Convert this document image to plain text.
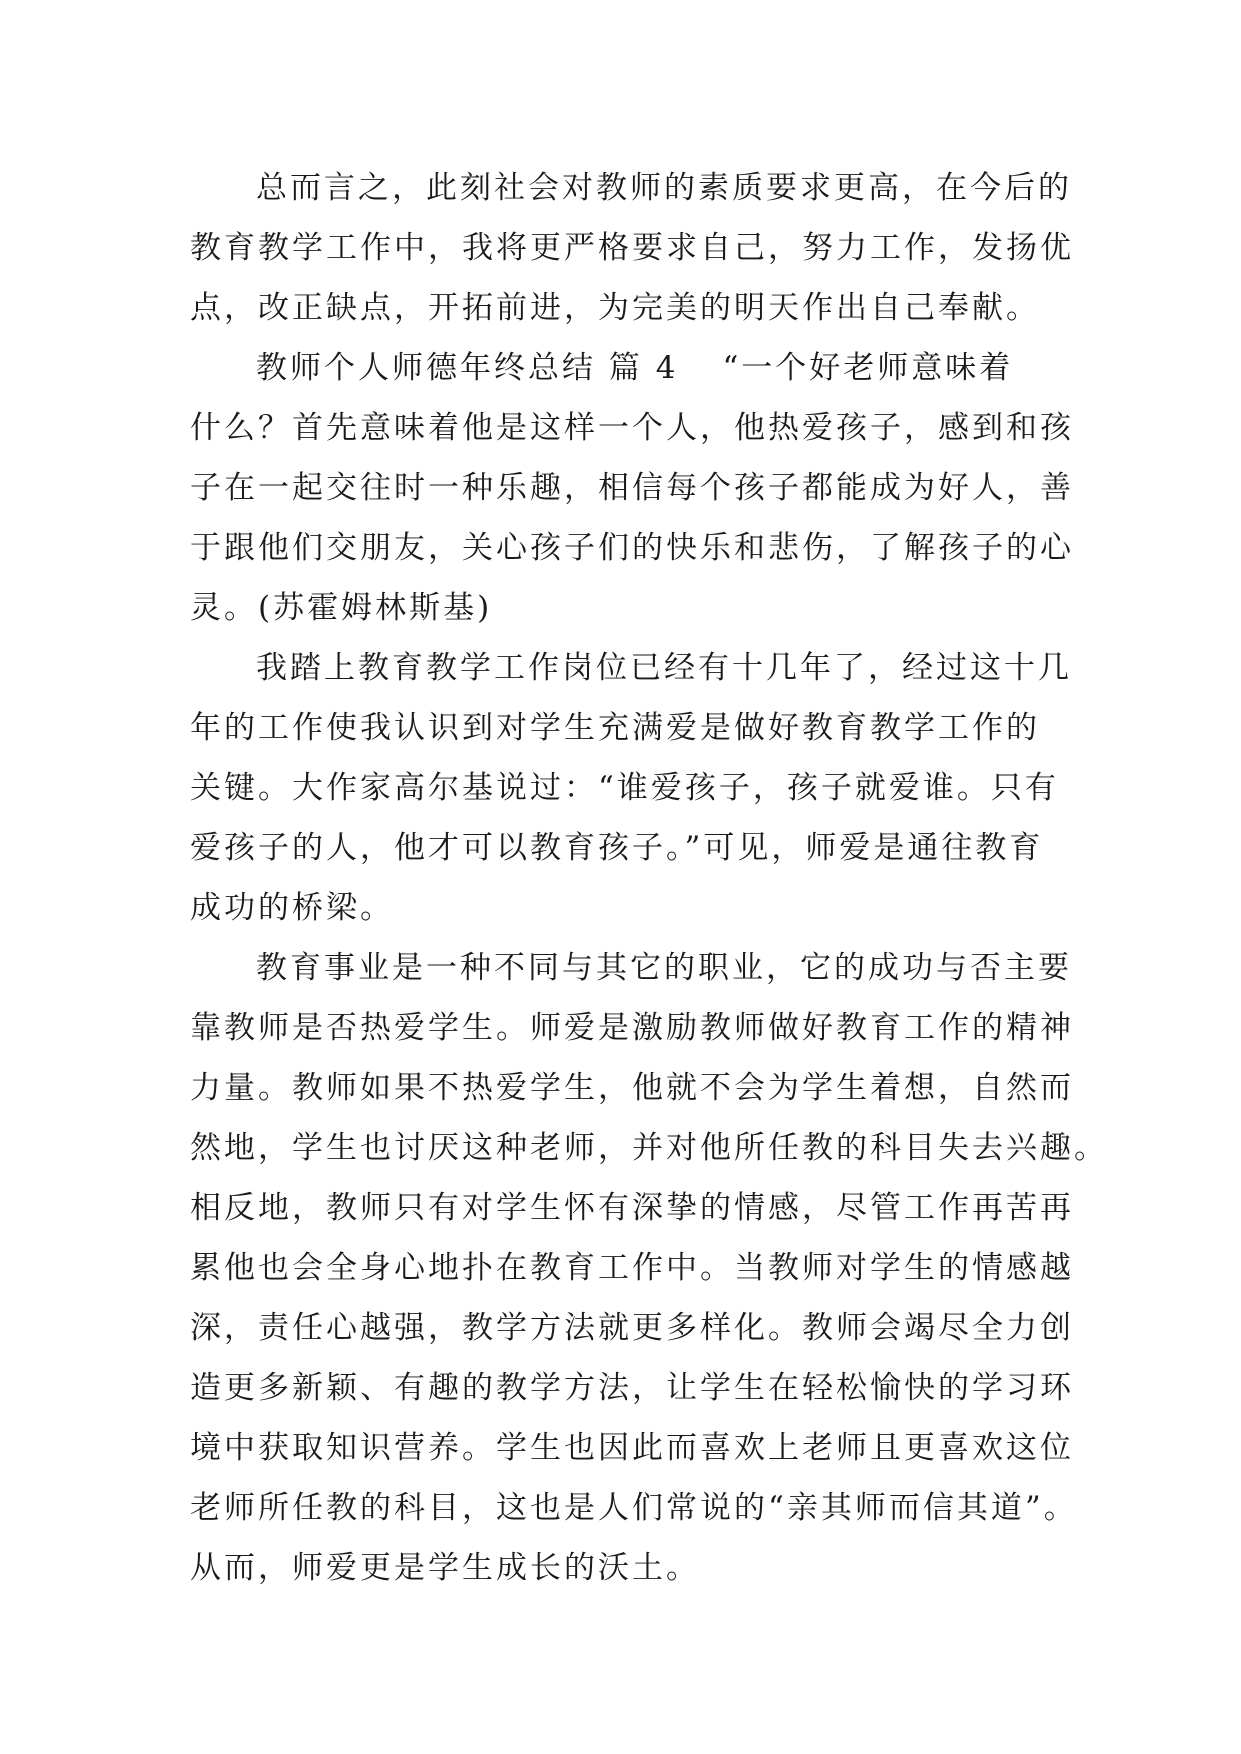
总而言之，此刻社会对教师的素质要求更高，在今后的
教育教学工作中，我将更严格要求自己，努力工作，发扬优
点，改正缺点，开拓前进，为完美的明天作出自己奉献。
教师个人师德年终总结 篇 4 “一个好老师意味着
什么？首先意味着他是这样一个人，他热爱孩子，感到和孩
子在一起交往时一种乐趣，相信每个孩子都能成为好人，善
于跟他们交朋友，关心孩子们的快乐和悲伤，了解孩子的心
灵。(苏霍姆林斯基)
我踏上教育教学工作岗位已经有十几年了，经过这十几
年的工作使我认识到对学生充满爱是做好教育教学工作的
关键。大作家高尔基说过：“谁爱孩子，孩子就爱谁。只有
爱孩子的人，他才可以教育孩子。”可见，师爱是通往教育
成功的桥梁。
教育事业是一种不同与其它的职业，它的成功与否主要
靠教师是否热爱学生。师爱是激励教师做好教育工作的精神
力量。教师如果不热爱学生，他就不会为学生着想，自然而
然地，学生也讨厌这种老师，并对他所任教的科目失去兴趣。
相反地，教师只有对学生怀有深挚的情感，尽管工作再苦再
累他也会全身心地扑在教育工作中。当教师对学生的情感越
深，责任心越强，教学方法就更多样化。教师会竭尽全力创
造更多新颖、有趣的教学方法，让学生在轻松愉快的学习环
境中获取知识营养。学生也因此而喜欢上老师且更喜欢这位
老师所任教的科目，这也是人们常说的“亲其师而信其道”。
从而，师爱更是学生成长的沃土。
